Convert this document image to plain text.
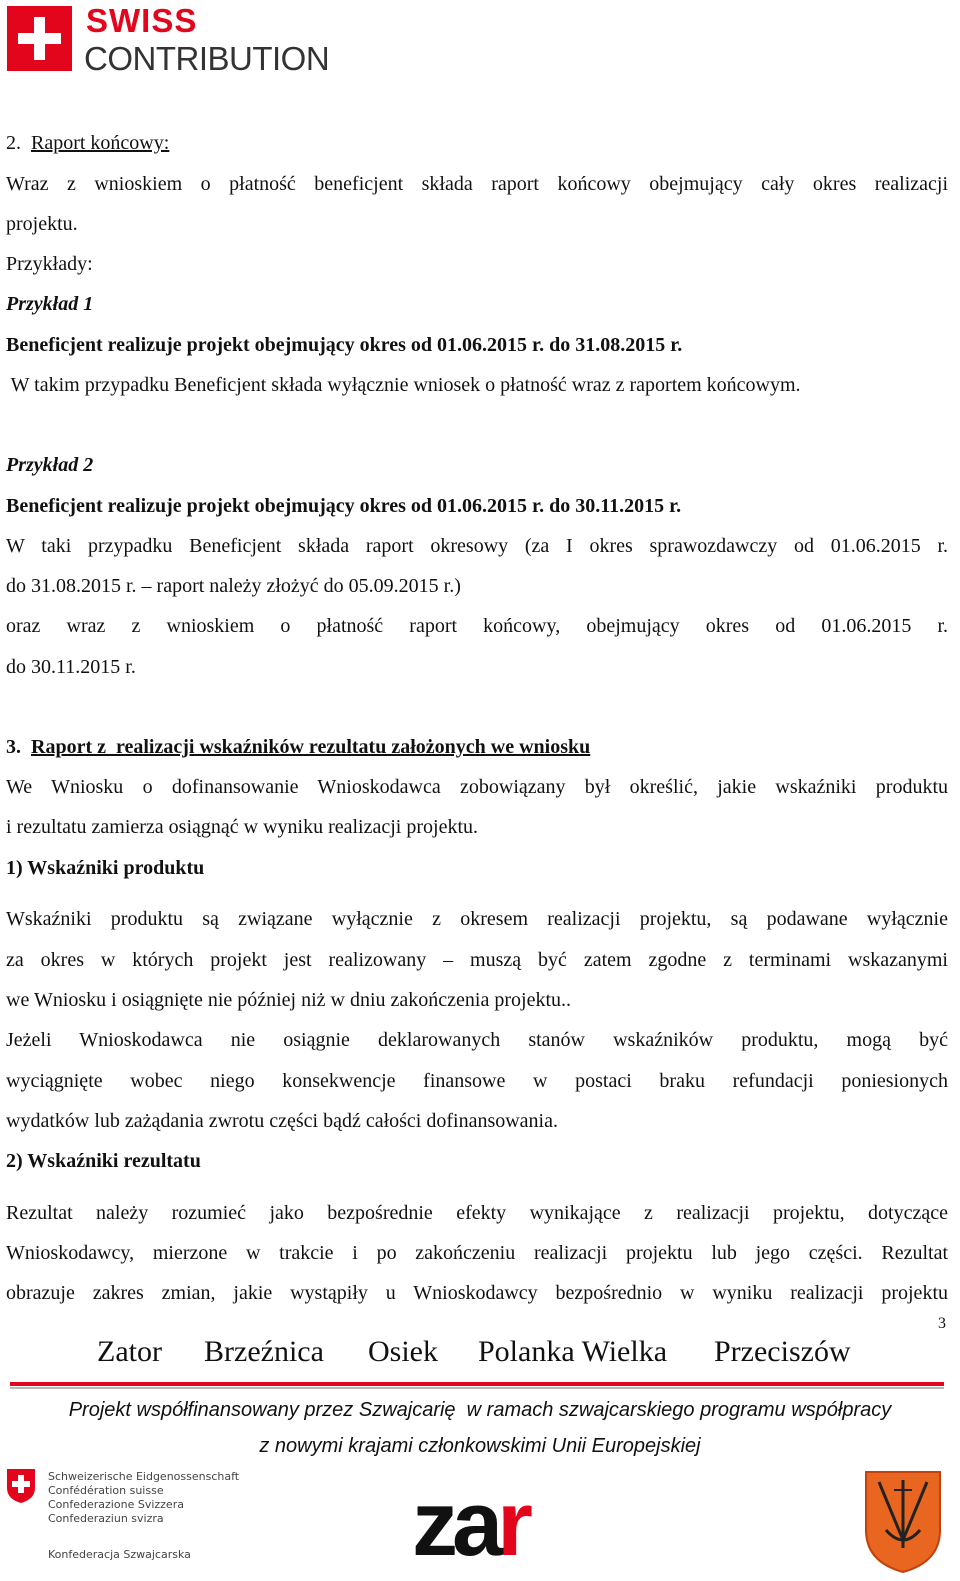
SWISS
CONTRIBUTION
2. Raport końcowy:
Wraz z wnioskiem o płatność beneficjent składa raport końcowy obejmujący cały okres realizacji
projektu.
Przykłady:
Przykład 1
Beneficjent realizuje projekt obejmujący okres od 01.06.2015 r. do 31.08.2015 r.
W takim przypadku Beneficjent składa wyłącznie wniosek o płatność wraz z raportem końcowym.
Przykład 2
Beneficjent realizuje projekt obejmujący okres od 01.06.2015 r. do 30.11.2015 r.
W taki przypadku Beneficjent składa raport okresowy (za I okres sprawozdawczy od 01.06.2015 r.
do 31.08.2015 r. – raport należy złożyć do 05.09.2015 r.)
oraz wraz z wnioskiem o płatność raport końcowy, obejmujący okres od 01.06.2015 r.
do 30.11.2015 r.
3. Raport z  realizacji wskaźników rezultatu założonych we wniosku
We Wniosku o dofinansowanie Wnioskodawca zobowiązany był określić, jakie wskaźniki produktu
i rezultatu zamierza osiągnąć w wyniku realizacji projektu.
1) Wskaźniki produktu
Wskaźniki produktu są związane wyłącznie z okresem realizacji projektu, są podawane wyłącznie
za okres w których projekt jest realizowany – muszą być zatem zgodne z terminami wskazanymi
we Wniosku i osiągnięte nie później niż w dniu zakończenia projektu..
Jeżeli Wnioskodawca nie osiągnie deklarowanych stanów wskaźników produktu, mogą być
wyciągnięte wobec niego konsekwencje finansowe w postaci braku refundacji poniesionych
wydatków lub zażądania zwrotu części bądź całości dofinansowania.
2) Wskaźniki rezultatu
Rezultat należy rozumieć jako bezpośrednie efekty wynikające z realizacji projektu, dotyczące
Wnioskodawcy, mierzone w trakcie i po zakończeniu realizacji projektu lub jego części. Rezultat
obrazuje zakres zmian, jakie wystąpiły u Wnioskodawcy bezpośrednio w wyniku realizacji projektu
3
Zator Brzeźnica Osiek Polanka Wielka Przeciszów
Projekt współfinansowany przez Szwajcarię  w ramach szwajcarskiego programu współpracy
z nowymi krajami członkowskimi Unii Europejskiej
Schweizerische Eidgenossenschaft
Confédération suisse
Confederazione Svizzera
Confederaziun svizra
Konfederacja Szwajcarska zar
